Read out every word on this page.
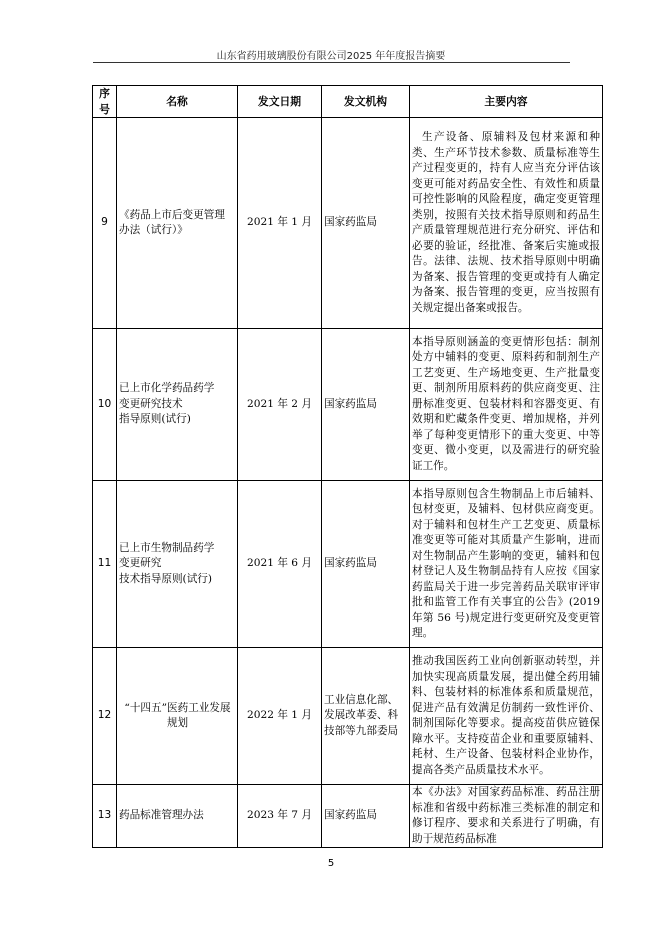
山东省药用玻璃股份有限公司2025 年年度报告摘要
序号	名称	发文日期	发文机构	主要内容
9	《药品上市后变更管理办法（试行）》	2021 年 1 月	国家药监局	生产设备、原辅料及包材来源和种类、生产环节技术参数、质量标准等生产过程变更的，持有人应当充分评估该变更可能对药品安全性、有效性和质量可控性影响的风险程度，确定变更管理类别，按照有关技术指导原则和药品生产质量管理规范进行充分研究、评估和必要的验证，经批准、备案后实施或报告。法律、法规、技术指导原则中明确为备案、报告管理的变更或持有人确定为备案、报告管理的变更，应当按照有关规定提出备案或报告。
10	已上市化学药品药学
变更研究技术
指导原则(试行)	2021 年 2 月	国家药监局	本指导原则涵盖的变更情形包括：制剂处方中辅料的变更、原料药和制剂生产工艺变更、生产场地变更、生产批量变更、制剂所用原料药的供应商变更、注册标准变更、包装材料和容器变更、有效期和贮藏条件变更、增加规格，并列举了每种变更情形下的重大变更、中等变更、微小变更，以及需进行的研究验证工作。
11	已上市生物制品药学
变更研究
技术指导原则(试行)	2021 年 6 月	国家药监局	本指导原则包含生物制品上市后辅料、包材变更，及辅料、包材供应商变更。对于辅料和包材生产工艺变更、质量标准变更等可能对其质量产生影响，进而对生物制品产生影响的变更，辅料和包材登记人及生物制品持有人应按《国家药监局关于进一步完善药品关联审评审批和监管工作有关事宜的公告》(2019 年第 56 号)规定进行变更研究及变更管理。
12	“十四五”医药工业发展规划	2022 年 1 月	工业信息化部、发展改革委、科技部等九部委局	推动我国医药工业向创新驱动转型，并加快实现高质量发展，提出健全药用辅料、包装材料的标准体系和质量规范，促进产品有效满足仿制药一致性评价、制剂国际化等要求。提高疫苗供应链保障水平。支持疫苗企业和重要原辅料、耗材、生产设备、包装材料企业协作，提高各类产品质量技术水平。
13	药品标准管理办法	2023 年 7 月	国家药监局	本《办法》对国家药品标准、药品注册标准和省级中药标准三类标准的制定和修订程序、要求和关系进行了明确，有助于规范药品标准
5
